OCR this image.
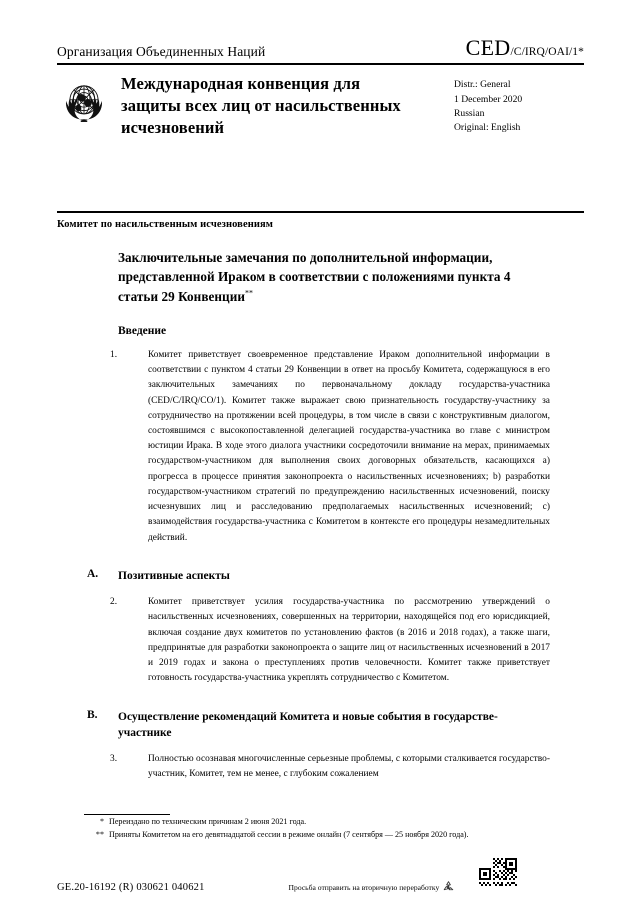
Организация Объединенных Наций	CED/C/IRQ/OAI/1*
Международная конвенция для защиты всех лиц от насильственных исчезновений
Distr.: General
1 December 2020
Russian
Original: English
Комитет по насильственным исчезновениям
Заключительные замечания по дополнительной информации, представленной Ираком в соответствии с положениями пункта 4 статьи 29 Конвенции**
Введение
1.	Комитет приветствует своевременное представление Ираком дополнительной информации в соответствии с пунктом 4 статьи 29 Конвенции в ответ на просьбу Комитета, содержащуюся в его заключительных замечаниях по первоначальному докладу государства-участника (CED/C/IRQ/CO/1). Комитет также выражает свою признательность государству-участнику за сотрудничество на протяжении всей процедуры, в том числе в связи с конструктивным диалогом, состоявшимся с высокопоставленной делегацией государства-участника во главе с министром юстиции Ирака. В ходе этого диалога участники сосредоточили внимание на мерах, принимаемых государством-участником для выполнения своих договорных обязательств, касающихся a) прогресса в процессе принятия законопроекта о насильственных исчезновениях; b) разработки государством-участником стратегий по предупреждению насильственных исчезновений, поиску исчезнувших лиц и расследованию предполагаемых насильственных исчезновений; c) взаимодействия государства-участника с Комитетом в контексте его процедуры незамедлительных действий.
A.	Позитивные аспекты
2.	Комитет приветствует усилия государства-участника по рассмотрению утверждений о насильственных исчезновениях, совершенных на территории, находящейся под его юрисдикцией, включая создание двух комитетов по установлению фактов (в 2016 и 2018 годах), а также шаги, предпринятые для разработки законопроекта о защите лиц от насильственных исчезновений в 2017 и 2019 годах и закона о преступлениях против человечности. Комитет также приветствует готовность государства-участника укреплять сотрудничество с Комитетом.
B.	Осуществление рекомендаций Комитета и новые события в государстве-участнике
3.	Полностью осознавая многочисленные серьезные проблемы, с которыми сталкивается государство-участник, Комитет, тем не менее, с глубоким сожалением
* Переиздано по техническим причинам 2 июня 2021 года.
** Приняты Комитетом на его девятнадцатой сессии в режиме онлайн (7 сентября — 25 ноября 2020 года).
GE.20-16192 (R) 030621 040621	Просьба отправить на вторичную переработку
